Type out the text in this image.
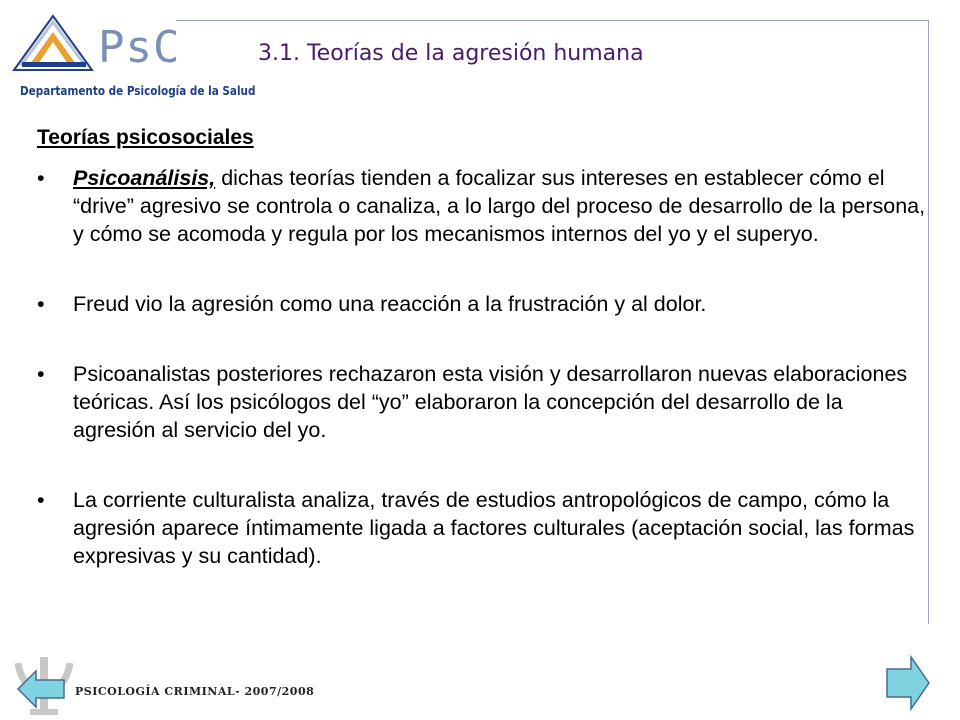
PsC
Departamento de Psicología de la Salud
3.1. Teorías de la agresión humana
Teorías psicosociales
• Psicoanálisis, dichas teorías tienden a focalizar sus intereses en establecer cómo el “drive” agresivo se controla o canaliza, a lo largo del proceso de desarrollo de la persona, y cómo se acomoda y regula por los mecanismos internos del yo y el superyo.
• Freud vio la agresión como una reacción a la frustración y al dolor.
• Psicoanalistas posteriores rechazaron esta visión y desarrollaron nuevas elaboraciones teóricas. Así los psicólogos del “yo” elaboraron la concepción del desarrollo de la agresión al servicio del yo.
• La corriente culturalista analiza, través de estudios antropológicos de campo, cómo la agresión aparece íntimamente ligada a factores culturales (aceptación social, las formas expresivas y su cantidad).
PSICOLOGÍA CRIMINAL- 2007/2008
